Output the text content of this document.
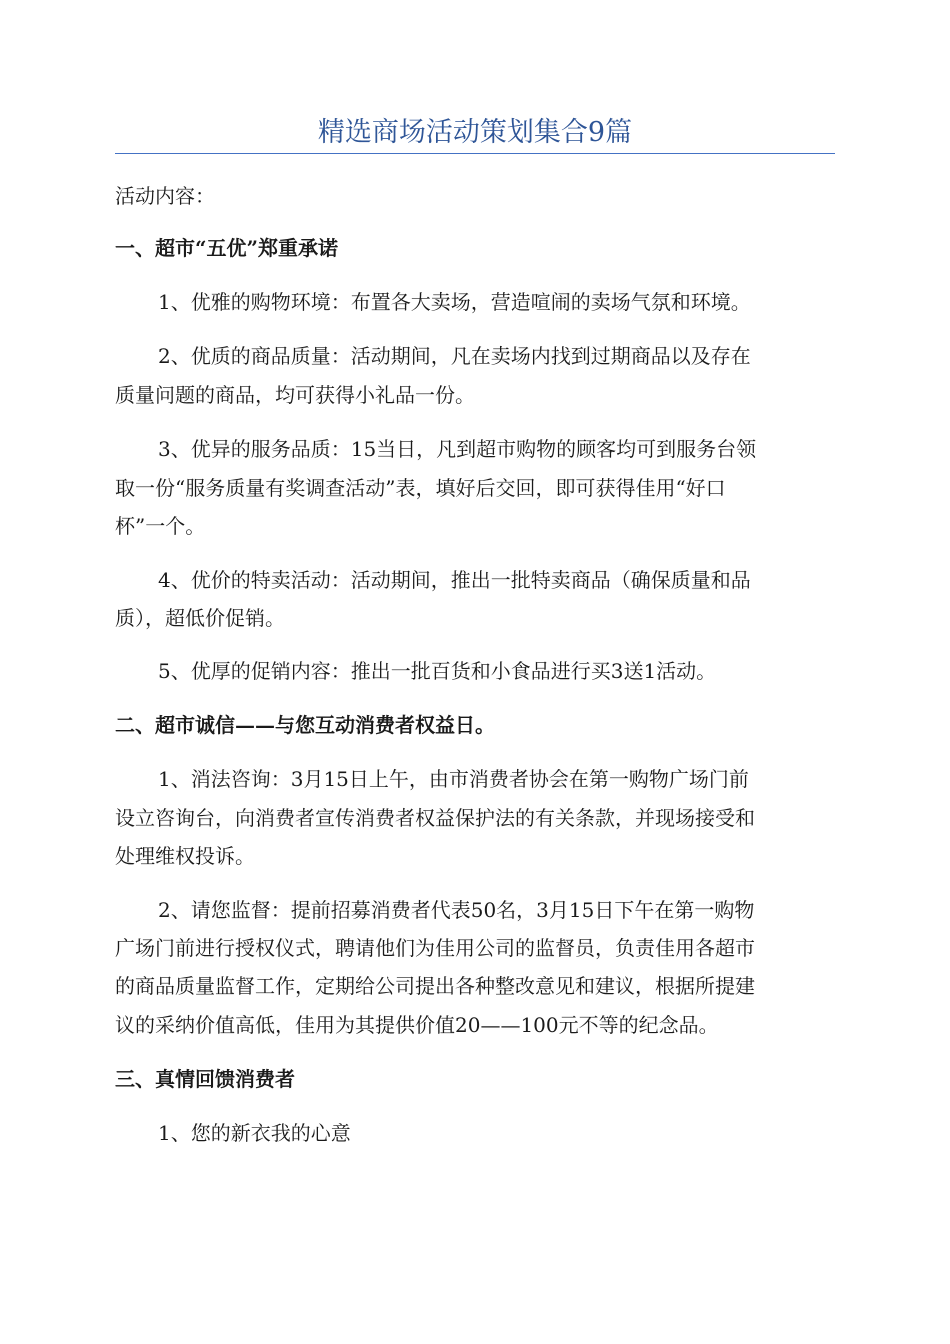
精选商场活动策划集合9篇

活动内容：

一、超市“五优”郑重承诺

1、优雅的购物环境：布置各大卖场，营造喧闹的卖场气氛和环境。

2、优质的商品质量：活动期间，凡在卖场内找到过期商品以及存在

质量问题的商品，均可获得小礼品一份。

3、优异的服务品质：15当日，凡到超市购物的顾客均可到服务台领

取一份“服务质量有奖调查活动”表，填好后交回，即可获得佳用“好口

杯”一个。

4、优价的特卖活动：活动期间，推出一批特卖商品（确保质量和品

质），超低价促销。

5、优厚的促销内容：推出一批百货和小食品进行买3送1活动。

二、超市诚信——与您互动消费者权益日。

1、消法咨询：3月15日上午，由市消费者协会在第一购物广场门前

设立咨询台，向消费者宣传消费者权益保护法的有关条款，并现场接受和

处理维权投诉。

2、请您监督：提前招募消费者代表50名，3月15日下午在第一购物

广场门前进行授权仪式，聘请他们为佳用公司的监督员，负责佳用各超市

的商品质量监督工作，定期给公司提出各种整改意见和建议，根据所提建

议的采纳价值高低，佳用为其提供价值20——100元不等的纪念品。

三、真情回馈消费者

1、您的新衣我的心意
